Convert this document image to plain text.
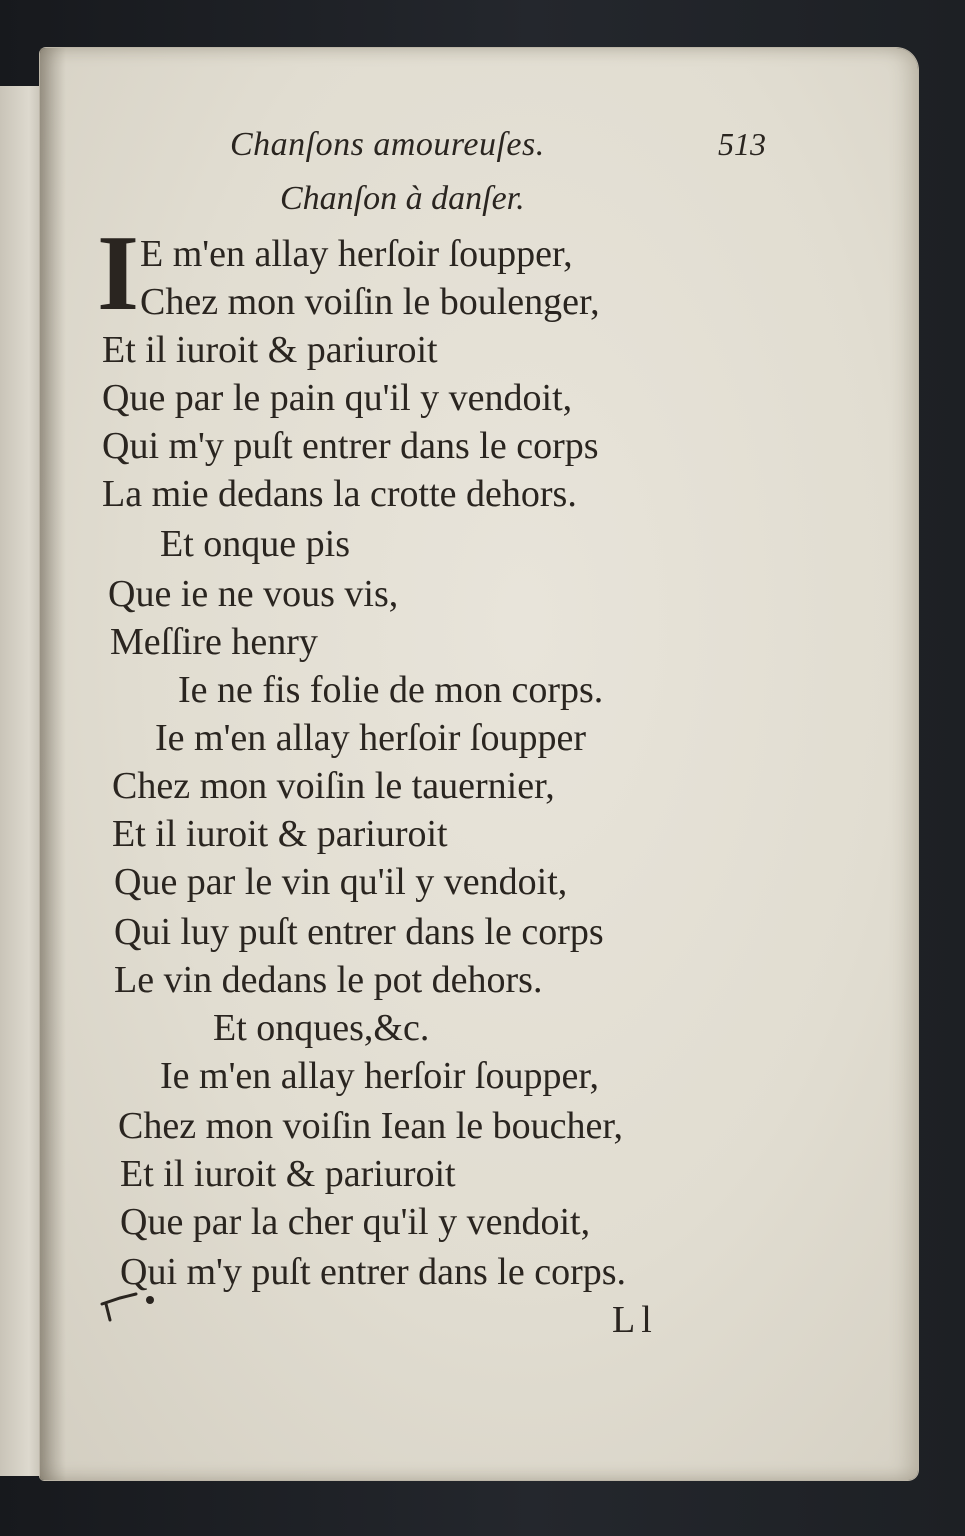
Chanſons amoureuſes.	513
Chanſon à danſer.
I E m'en allay herſoir ſoupper,
Chez mon voiſin le boulenger,
Et il iuroit & pariuroit
Que par le pain qu'il y vendoit,
Qui m'y puſt entrer dans le corps
La mie dedans la crotte dehors.
Et onque pis
Que ie ne vous vis,
Meſſire henry
Ie ne fis folie de mon corps.
Ie m'en allay herſoir ſoupper
Chez mon voiſin le tauernier,
Et il iuroit & pariuroit
Que par le vin qu'il y vendoit,
Qui luy puſt entrer dans le corps
Le vin dedans le pot dehors.
Et onques,&c.
Ie m'en allay herſoir ſoupper,
Chez mon voiſin Iean le boucher,
Et il iuroit & pariuroit
Que par la cher qu'il y vendoit,
Qui m'y puſt entrer dans le corps.
Ll
